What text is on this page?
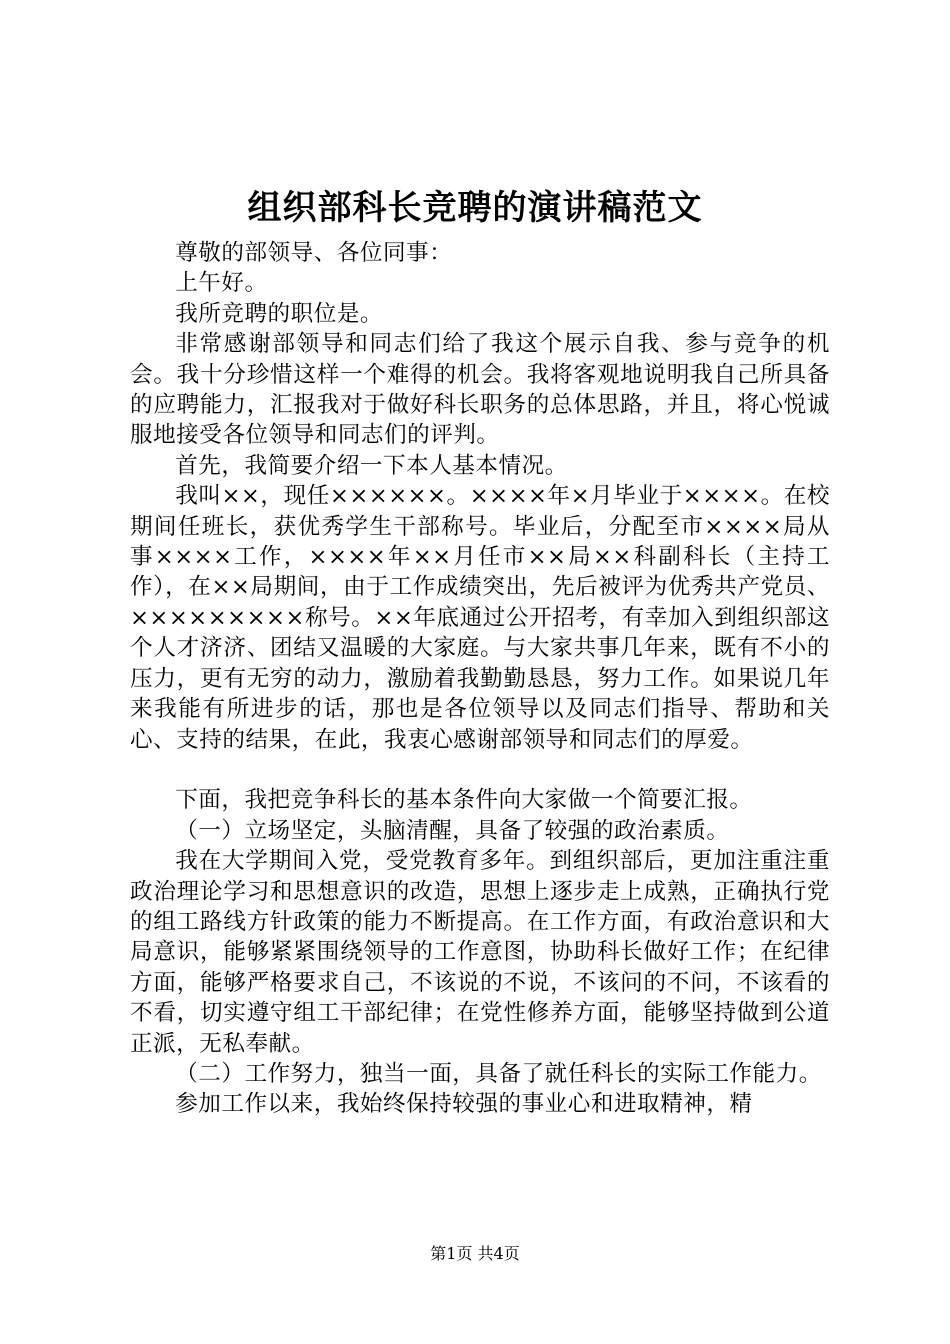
组织部科长竞聘的演讲稿范文

尊敬的部领导、各位同事：

上午好。

我所竞聘的职位是。

非常感谢部领导和同志们给了我这个展示自我、参与竞争的机会。我十分珍惜这样一个难得的机会。我将客观地说明我自己所具备的应聘能力，汇报我对于做好科长职务的总体思路，并且，将心悦诚服地接受各位领导和同志们的评判。

首先，我简要介绍一下本人基本情况。

我叫××，现任××××××。××××年×月毕业于××××。在校期间任班长，获优秀学生干部称号。毕业后，分配至市××××局从事××××工作，××××年××月任市××局××科副科长（主持工作），在××局期间，由于工作成绩突出，先后被评为优秀共产党员、×××××××××称号。××年底通过公开招考，有幸加入到组织部这个人才济济、团结又温暖的大家庭。与大家共事几年来，既有不小的压力，更有无穷的动力，激励着我勤勤恳恳，努力工作。如果说几年来我能有所进步的话，那也是各位领导以及同志们指导、帮助和关心、支持的结果，在此，我衷心感谢部领导和同志们的厚爱。

下面，我把竞争科长的基本条件向大家做一个简要汇报。

（一）立场坚定，头脑清醒，具备了较强的政治素质。

我在大学期间入党，受党教育多年。到组织部后，更加注重注重政治理论学习和思想意识的改造，思想上逐步走上成熟，正确执行党的组工路线方针政策的能力不断提高。在工作方面，有政治意识和大局意识，能够紧紧围绕领导的工作意图，协助科长做好工作；在纪律方面，能够严格要求自己，不该说的不说，不该问的不问，不该看的不看，切实遵守组工干部纪律；在党性修养方面，能够坚持做到公道正派，无私奉献。

（二）工作努力，独当一面，具备了就任科长的实际工作能力。

参加工作以来，我始终保持较强的事业心和进取精神，精

第1页 共4页
